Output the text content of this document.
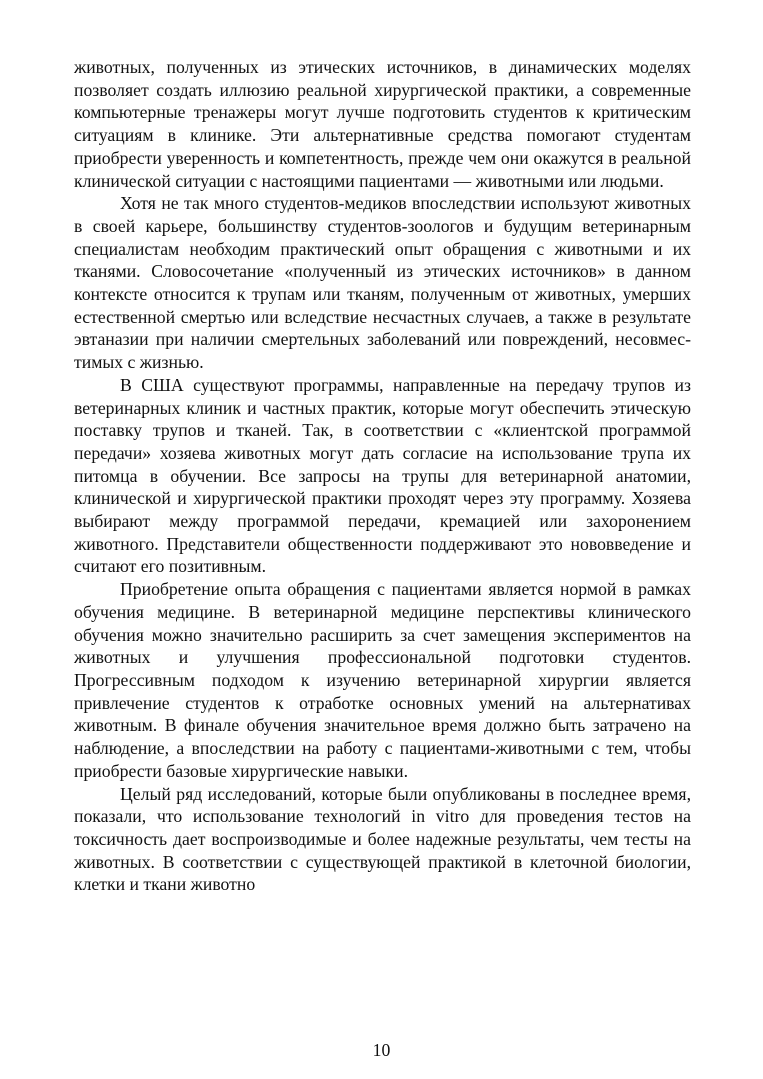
животных, полученных из этических источников, в динамических моделях позволяет создать иллюзию реальной хирургической практики, а современные компьютерные тренажеры могут лучше подготовить студентов к критическим ситуациям в клинике. Эти альтернативные средства помогают студентам приобрести уверенность и компетентность, прежде чем они окажутся в реальной клинической ситуации с настоящими пациентами — животными или людьми.

Хотя не так много студентов-медиков впоследствии используют животных в своей карьере, большинству студентов-зоологов и будущим ветеринарным специалистам необходим практический опыт обращения с животными и их тканями. Словосочетание «полученный из этических источников» в данном контексте относится к трупам или тканям, полученным от животных, умерших естественной смертью или вследствие несчастных случаев, а также в результате эвтаназии при наличии смертельных заболеваний или повреждений, несовместимых с жизнью.

В США существуют программы, направленные на передачу трупов из ветеринарных клиник и частных практик, которые могут обеспечить этическую поставку трупов и тканей. Так, в соответствии с «клиентской программой передачи» хозяева животных могут дать согласие на использование трупа их питомца в обучении. Все запросы на трупы для ветеринарной анатомии, клинической и хирургической практики проходят через эту программу. Хозяева выбирают между программой передачи, кремацией или захоронением животного. Представители общественности поддерживают это нововведение и считают его позитивным.

Приобретение опыта обращения с пациентами является нормой в рамках обучения медицине. В ветеринарной медицине перспективы клинического обучения можно значительно расширить за счет замещения экспериментов на животных и улучшения профессиональной подготовки студентов. Прогрессивным подходом к изучению ветеринарной хирургии является привлечение студентов к отработке основных умений на альтернативах животным. В финале обучения значительное время должно быть затрачено на наблюдение, а впоследствии на работу с пациентами-животными с тем, чтобы приобрести базовые хирургические навыки.

Целый ряд исследований, которые были опубликованы в последнее время, показали, что использование технологий in vitro для проведения тестов на токсичность дает воспроизводимые и более надежные результаты, чем тесты на животных. В соответствии с существующей практикой в клеточной биологии, клетки и ткани животно

10
